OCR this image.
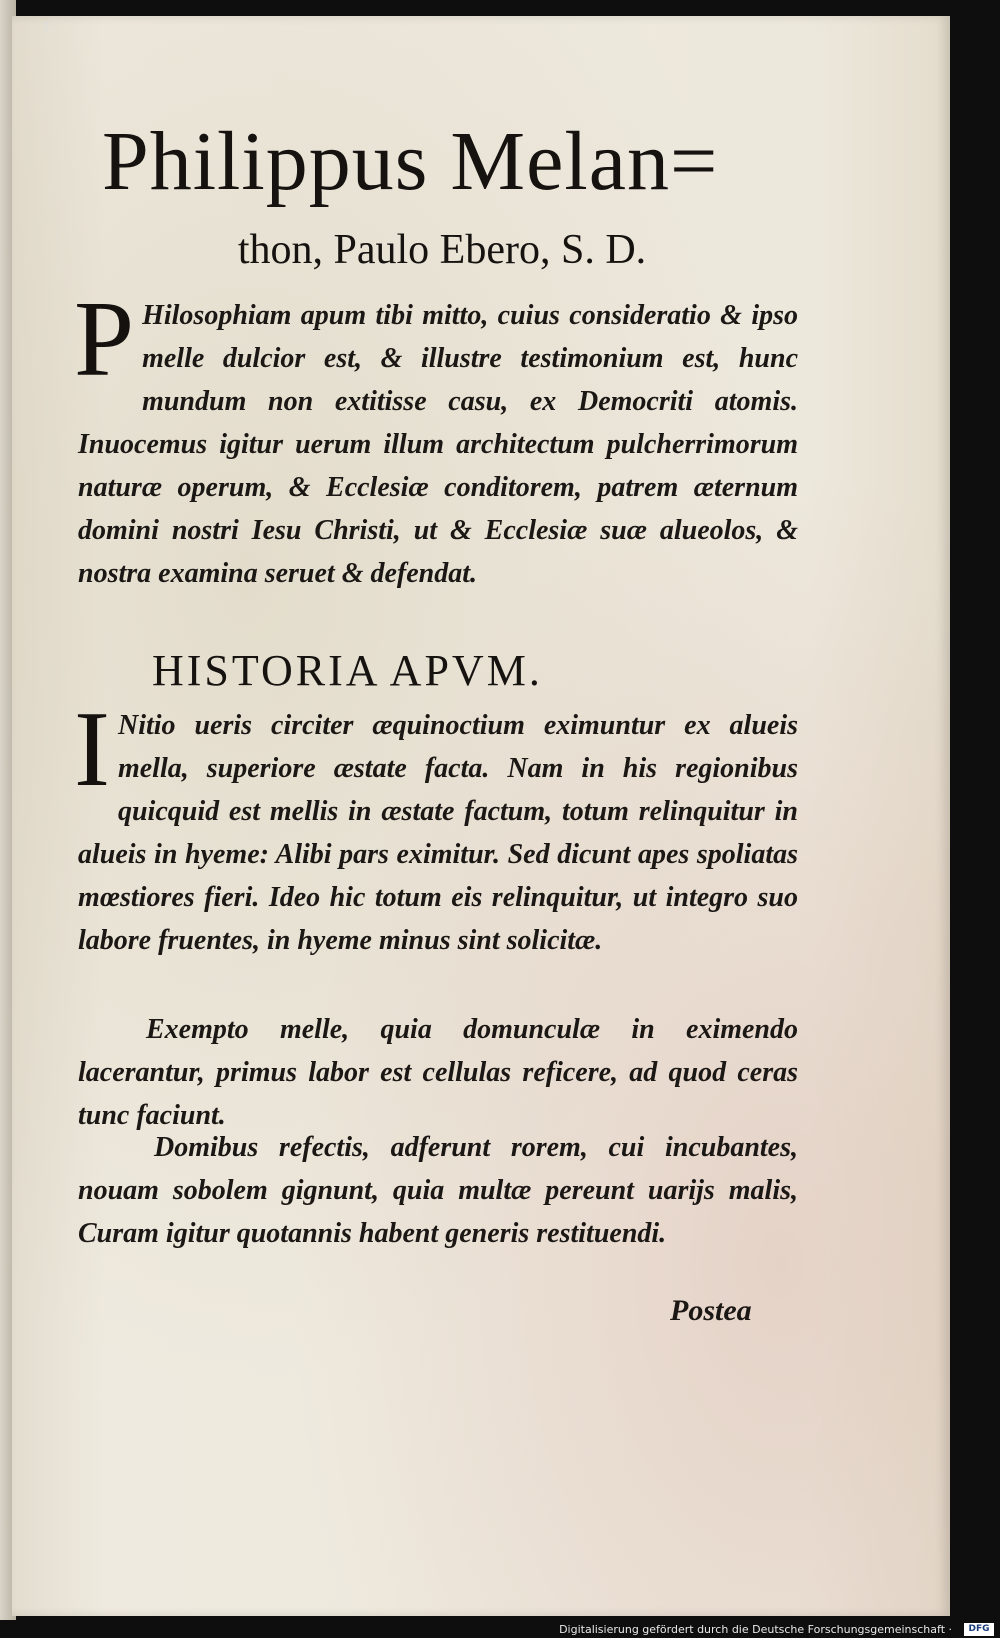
7
Philippus Melan=
thon, Paulo Ebero, S. D.
P Hilosophiam apum tibi mitto, cuius consideratio & ipso melle dulcior est, & illustre testimonium est, hunc mundum non extitisse casu, ex Democriti atomis. Inuocemus igitur uerum illum architectum pulcherrimorum naturæ operum, & Ecclesiæ conditorem, patrem æternum domini nostri Iesu Christi, ut & Ecclesiæ suæ alueolos, & nostra examina seruet & defendat.
HISTORIA APVM.
I Nitio ueris circiter æquinoctium eximuntur ex alueis mella, superiore æstate facta. Nam in his regionibus quicquid est mellis in æstate factum, totum relinquitur in alueis in hyeme: Alibi pars eximitur. Sed dicunt apes spoliatas mœstiores fieri. Ideo hic totum eis relinquitur, ut integro suo labore fruentes, in hyeme minus sint solicitæ.
Exempto melle, quia domunculæ in eximendo lacerantur, primus labor est cellulas reficere, ad quod ceras tunc faciunt.
Domibus refectis, adferunt rorem, cui incubantes, nouam sobolem gignunt, quia multæ pereunt uarijs malis, Curam igitur quotannis habent generis restituendi.
Postea
Digitalisierung gefördert durch die Deutsche Forschungsgemeinschaft ·	DFG
